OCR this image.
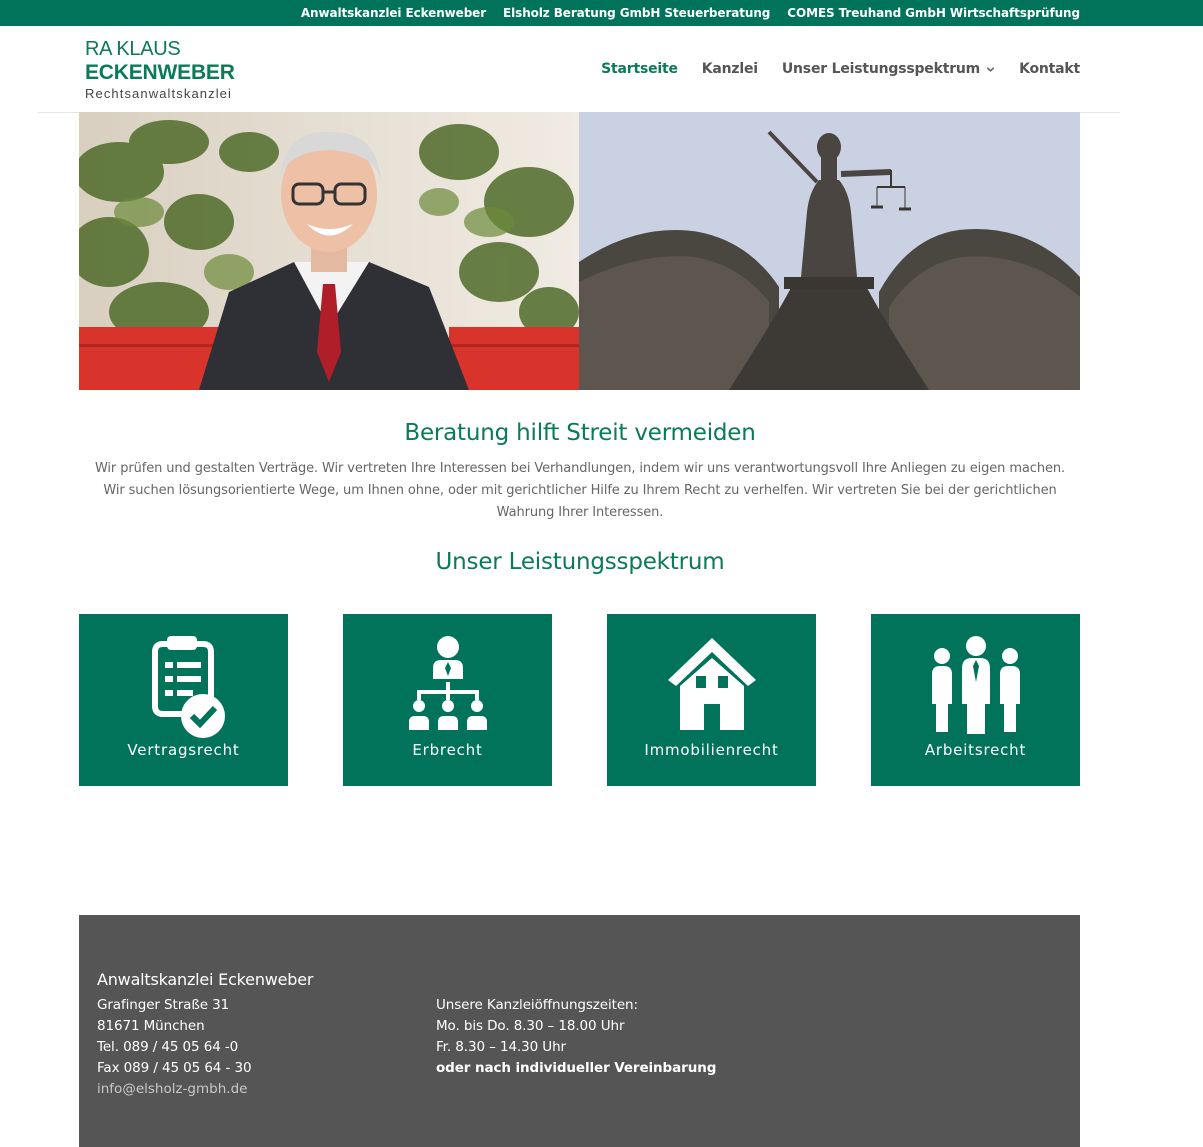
Anwaltskanzlei Eckenweber Elsholz Beratung GmbH Steuerberatung COMES Treuhand GmbH Wirtschaftsprüfung
RA KLAUS
ECKENWEBER
Rechtsanwaltskanzlei
Startseite Kanzlei Unser Leistungsspektrum	Kontakt
Beratung hilft Streit vermeiden

Wir prüfen und gestalten Verträge. Wir vertreten Ihre Interessen bei Verhandlungen, indem wir uns verantwortungsvoll Ihre Anliegen zu eigen machen. Wir suchen lösungsorientierte Wege, um Ihnen ohne, oder mit gerichtlicher Hilfe zu Ihrem Recht zu verhelfen. Wir vertreten Sie bei der gerichtlichen Wahrung Ihrer Interessen.

Unser Leistungsspektrum
Vertragsrecht	Erbrecht	Immobilienrecht	Arbeitsrecht
Anwaltskanzlei Eckenweber
Grafinger Straße 31
81671 München
Tel. 089 / 45 05 64 -0
Fax 089 / 45 05 64 - 30
info@elsholz-gmbh.de
Unsere Kanzleiöffnungszeiten:
Mo. bis Do. 8.30 – 18.00 Uhr
Fr. 8.30 – 14.30 Uhr
oder nach individueller Vereinbarung
